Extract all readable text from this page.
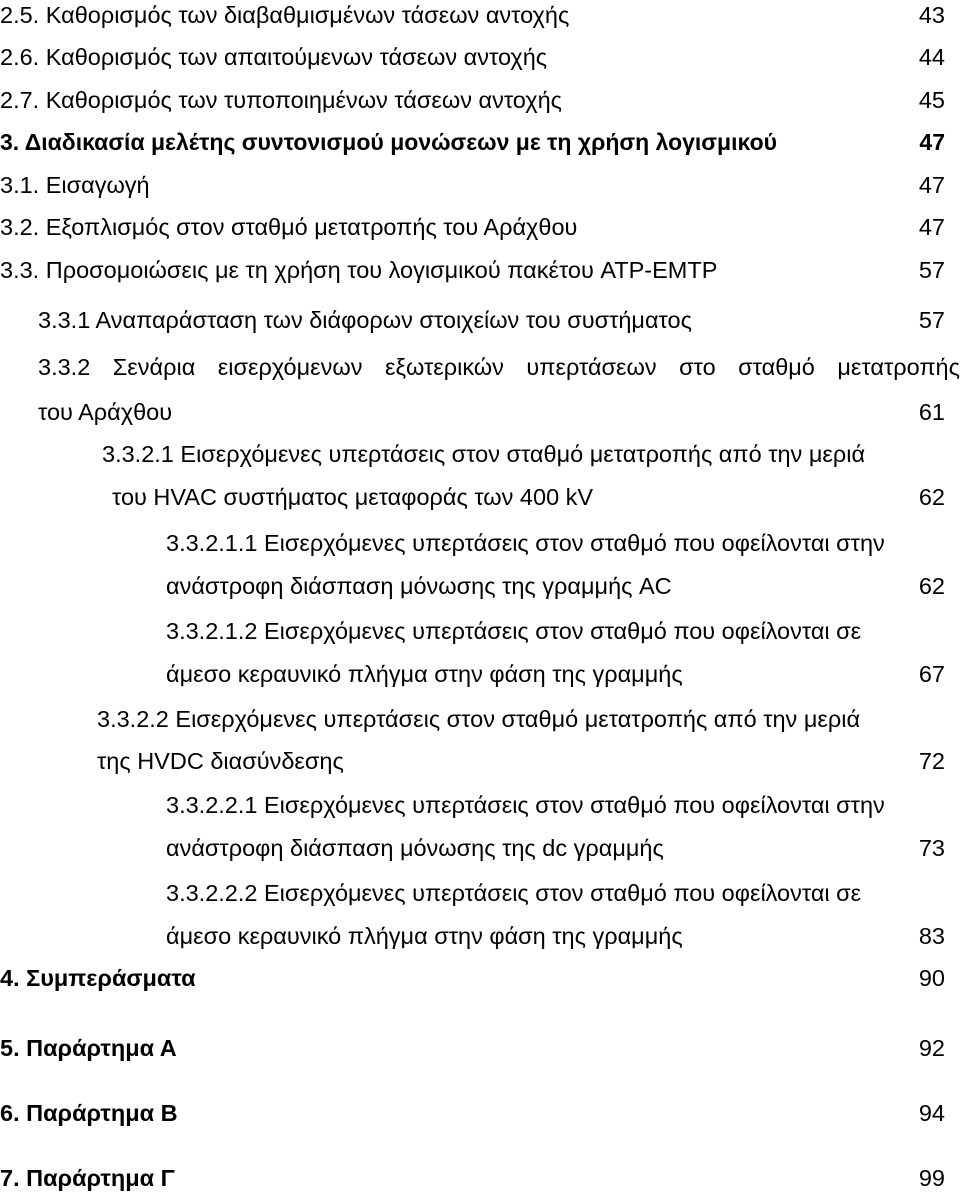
2.5. Καθορισμός των διαβαθμισμένων τάσεων αντοχής	43
2.6. Καθορισμός των απαιτούμενων τάσεων αντοχής	44
2.7. Καθορισμός των τυποποιημένων τάσεων αντοχής	45
3. Διαδικασία μελέτης συντονισμού μονώσεων με τη χρήση λογισμικού	47
3.1. Εισαγωγή	47
3.2. Εξοπλισμός στον σταθμό μετατροπής του Αράχθου	47
3.3. Προσομοιώσεις με τη χρήση του λογισμικού πακέτου ATP-EMTP	57
3.3.1 Αναπαράσταση των διάφορων στοιχείων του συστήματος	57
3.3.2 Σενάρια εισερχόμενων εξωτερικών υπερτάσεων στο σταθμό μετατροπής
του Αράχθου	61
3.3.2.1 Εισερχόμενες υπερτάσεις στον σταθμό μετατροπής από την μεριά
του HVAC συστήματος μεταφοράς των 400 kV	62
3.3.2.1.1 Εισερχόμενες υπερτάσεις στον σταθμό που οφείλονται στην
ανάστροφη διάσπαση μόνωσης της γραμμής AC	62
3.3.2.1.2 Εισερχόμενες υπερτάσεις στον σταθμό που οφείλονται σε
άμεσο κεραυνικό πλήγμα στην φάση της γραμμής	67
3.3.2.2 Εισερχόμενες υπερτάσεις στον σταθμό μετατροπής από την μεριά
της HVDC διασύνδεσης	72
3.3.2.2.1 Εισερχόμενες υπερτάσεις στον σταθμό που οφείλονται στην
ανάστροφη διάσπαση μόνωσης της dc γραμμής	73
3.3.2.2.2 Εισερχόμενες υπερτάσεις στον σταθμό που οφείλονται σε
άμεσο κεραυνικό πλήγμα στην φάση της γραμμής	83
4. Συμπεράσματα	90
5. Παράρτημα Α	92
6. Παράρτημα Β	94
7. Παράρτημα Γ	99
